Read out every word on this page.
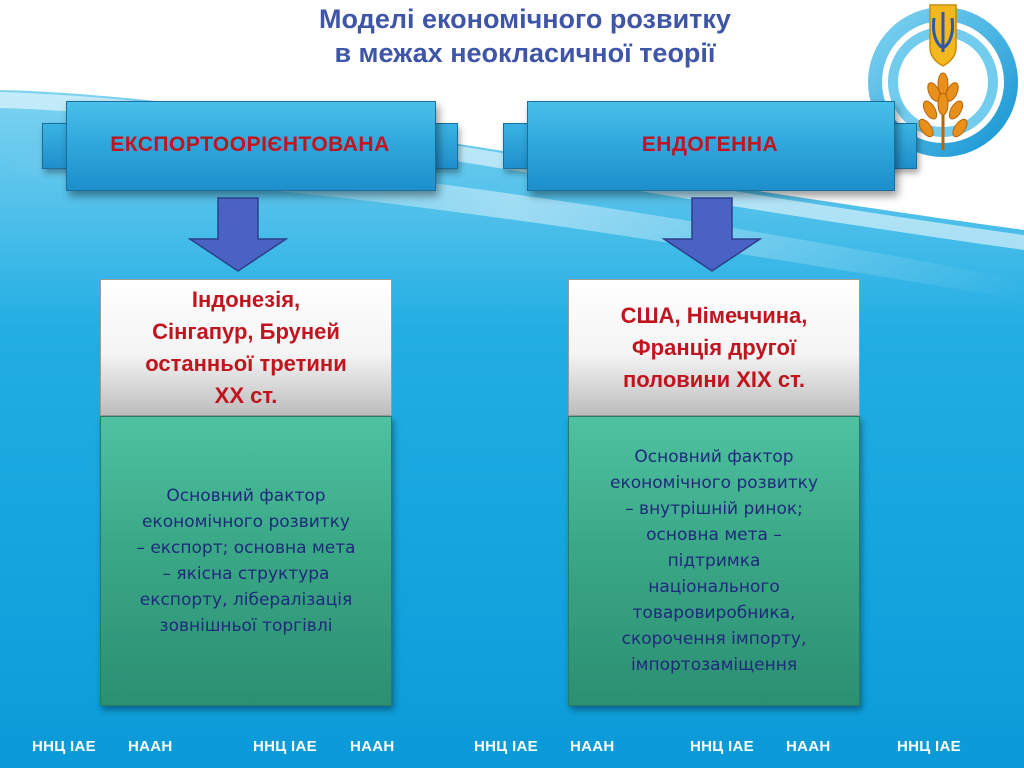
Моделі економічного розвитку
в межах неокласичної теорії
ЕКСПОРТООРІЄНТОВАНА	ЕНДОГЕННА
Індонезія,
Сінгапур, Бруней
останньої третини
XX ст.
США, Німеччина,
Франція другої
половини XIX ст.
Основний фактор
економічного розвитку
– експорт; основна мета
– якісна структура
експорту, лібералізація
зовнішньої торгівлі
Основний фактор
економічного розвитку
– внутрішній ринок;
основна мета –
підтримка
національного
товаровиробника,
скорочення імпорту,
імпортозаміщення
ННЦ ІАЕ НААН	ННЦ ІАЕ НААН	ННЦ ІАЕ НААН	ННЦ ІАЕ НААН	ННЦ ІАЕ
